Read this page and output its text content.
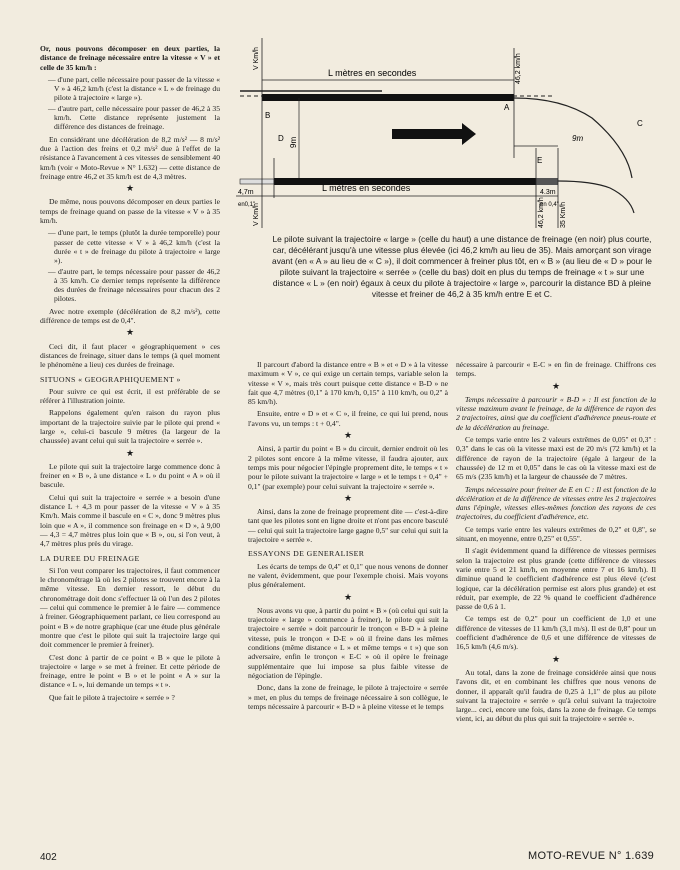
L mètres en secondes
L mètres en secondes
V Km/h
V Km/h
46,2 km/h
46,2 km/h 35 Km/h
A
B
C
D
E
9m	9m
4,7m
en0,1"
4.3m
en 0,4"
Le pilote suivant la trajectoire « large » (celle du haut) a une distance de freinage (en noir) plus courte, car, décélérant jusqu'à une vitesse plus élevée (ici 46,2 km/h au lieu de 35). Mais amorçant son virage avant (en « A » au lieu de « C »), il doit commencer à freiner plus tôt, en « B » (au lieu de « D » pour le pilote suivant la trajectoire « serrée » (celle du bas) doit en plus du temps de freinage « t » sur une distance « L » (en noir) égaux à ceux du pilote à trajectoire « large », parcourir la distance BD à pleine vitesse et freiner de 46,2 à 35 km/h entre E et C.

Or, nous pouvons décomposer en deux parties, la distance de freinage nécessaire entre la vitesse « V » et celle de 35 km/h :

— d'une part, celle nécessaire pour passer de la vitesse « V » à 46,2 km/h (c'est la distance « L » de freinage du pilote à trajectoire « large »).
— d'autre part, celle nécessaire pour passer de 46,2 à 35 km/h. Cette distance représente justement la différence des distances de freinage.

En considérant une décélération de 8,2 m/s² — 8 m/s² due à l'action des freins et 0,2 m/s² due à l'effet de la résistance à l'avancement à ces vitesses de sensiblement 40 km/h (voir « Moto-Revue » N° 1.632) — cette distance de freinage entre 46,2 et 35 km/h est de 4,3 mètres.

★

De même, nous pouvons décomposer en deux parties le temps de freinage quand on passe de la vitesse « V » à 35 km/h.

— d'une part, le temps (plutôt la durée temporelle) pour passer de cette vitesse « V » à 46,2 km/h (c'est la durée « t » de freinage du pilote à trajectoire « large »).
— d'autre part, le temps nécessaire pour passer de 46,2 à 35 km/h. Ce dernier temps représente la différence des durées de freinage nécessaires pour chacun des 2 pilotes.

Avec notre exemple (décélération de 8,2 m/s²), cette différence de temps est de 0,4".

★

Ceci dit, il faut placer « géographiquement » ces distances de freinage, situer dans le temps (à quel moment le phénomène a lieu) ces durées de freinage.

SITUONS « GEOGRAPHIQUEMENT »

Pour suivre ce qui est écrit, il est préférable de se référer à l'illustration jointe.

Rappelons également qu'en raison du rayon plus important de la trajectoire suivie par le pilote qui prend « large », celui-ci bascule 9 mètres (la largeur de la chaussée) avant celui qui suit la trajectoire « serrée ».

★

Le pilote qui suit la trajectoire large commence donc à freiner en « B », à une distance « L » du point « A » où il bascule.

Celui qui suit la trajectoire « serrée » a besoin d'une distance L + 4,3 m pour passer de la vitesse « V » à 35 Km/h. Mais comme il bascule en « C », donc 9 mètres plus loin que « A », il commence son freinage en « D », à 9,00 — 4,3 = 4,7 mètres plus loin que « B », ou, si l'on veut, à 4,7 mètres plus près du virage.

LA DUREE DU FREINAGE

Si l'on veut comparer les trajectoires, il faut commencer le chronométrage là où les 2 pilotes se trouvent encore à la même vitesse. En dernier ressort, le début du chronométrage doit donc s'effectuer là où l'un des 2 pilotes — celui qui commence le premier à le faire — commence à freiner. Géographiquement parlant, ce lieu correspond au point « B » de notre graphique (car une étude plus générale montre que c'est le pilote qui suit la trajectoire large qui doit commencer le premier à freiner).

C'est donc à partir de ce point « B » que le pilote à trajectoire « large » se met à freiner. Et cette période de freinage, entre le point « B » et le point « A » sur la distance « L », lui demande un temps « t ».

Que fait le pilote à trajectoire « serrée » ?

Il parcourt d'abord la distance entre « B » et « D » à la vitesse maximum « V », ce qui exige un certain temps, variable selon la vitesse « V », mais très court puisque cette distance « B-D » ne fait que 4,7 mètres (0,1" à 170 km/h, 0,15" à 110 km/h, ou 0,2" à 85 km/h).

Ensuite, entre « D » et « C », il freine, ce qui lui prend, nous l'avons vu, un temps : t + 0,4".

★

Ainsi, à partir du point « B » du circuit, dernier endroit où les 2 pilotes sont encore à la même vitesse, il faudra ajouter, aux temps mis pour négocier l'épingle proprement dite, le temps « t » pour le pilote suivant la trajectoire « large » et le temps t + 0,4" + 0,1" (par exemple) pour celui suivant la trajectoire « serrée ».

★

Ainsi, dans la zone de freinage proprement dite — c'est-à-dire tant que les pilotes sont en ligne droite et n'ont pas encore basculé — celui qui suit la trajectoire large gagne 0,5" sur celui qui suit la trajectoire « serrée ».

ESSAYONS DE GENERALISER

Les écarts de temps de 0,4" et 0,1" que nous venons de donner ne valent, évidemment, que pour l'exemple choisi. Mais voyons plus généralement.

★

Nous avons vu que, à partir du point « B » (où celui qui suit la trajectoire « large » commence à freiner), le pilote qui suit la trajectoire « serrée » doit parcourir le tronçon « B-D » à pleine vitesse, puis le tronçon « D-E » où il freine dans les mêmes conditions (même distance « L » et même temps « t ») que son adversaire, enfin le tronçon « E-C » où il opère le freinage supplémentaire que lui impose sa plus faible vitesse de négociation de l'épingle.

Donc, dans la zone de freinage, le pilote à trajectoire « serrée » met, en plus du temps de freinage nécessaire à son collègue, le temps nécessaire à parcourir « B-D » à pleine vitesse et le temps

nécessaire à parcourir « E-C » en fin de freinage. Chiffrons ces temps.

★

Temps nécessaire à parcourir « B-D » : Il est fonction de la vitesse maximum avant le freinage, de la différence de rayon des 2 trajectoires, ainsi que du coefficient d'adhérence pneus-route et de la décélération au freinage.

Ce temps varie entre les 2 valeurs extrêmes de 0,05" et 0,3" : 0,3" dans le cas où la vitesse maxi est de 20 m/s (72 km/h) et la différence de rayon de la trajectoire (égale à largeur de la chaussée) de 12 m et 0,05" dans le cas où la vitesse maxi est de 65 m/s (235 km/h) et la largeur de chaussée de 7 mètres.

Temps nécessaire pour freiner de E en C : Il est fonction de la décélération et de la différence de vitesses entre les 2 trajectoires dans l'épingle, vitesses elles-mêmes fonction des rayons de ces trajectoires, du coefficient d'adhérence, etc.

Ce temps varie entre les valeurs extrêmes de 0,2" et 0,8", se situant, en moyenne, entre 0,25" et 0,55".

Il s'agit évidemment quand la différence de vitesses permises selon la trajectoire est plus grande (cette différence de vitesses varie entre 5 et 21 km/h, en moyenne entre 7 et 16 km/h). Il diminue quand le coefficient d'adhérence est plus élevé (c'est logique, car la décélération permise est alors plus grande) et est réduit, par exemple, de 22 % quand le coefficient d'adhérence passe de 0,6 à 1.

Ce temps est de 0,2" pour un coefficient de 1,0 et une différence de vitesses de 11 km/h (3,1 m/s). Il est de 0,8" pour un coefficient d'adhérence de 0,6 et une différence de vitesses de 16,5 km/h (4,6 m/s).

★

Au total, dans la zone de freinage considérée ainsi que nous l'avons dit, et en combinant les chiffres que nous venons de donner, il apparaît qu'il faudra de 0,25 à 1,1" de plus au pilote suivant la trajectoire « serrée » qu'à celui suivant la trajectoire large... ceci, encore une fois, dans la zone de freinage. Ce temps vient, ici, au début du plus qui suit la trajectoire « serrée ».

402	MOTO-REVUE N° 1.639
